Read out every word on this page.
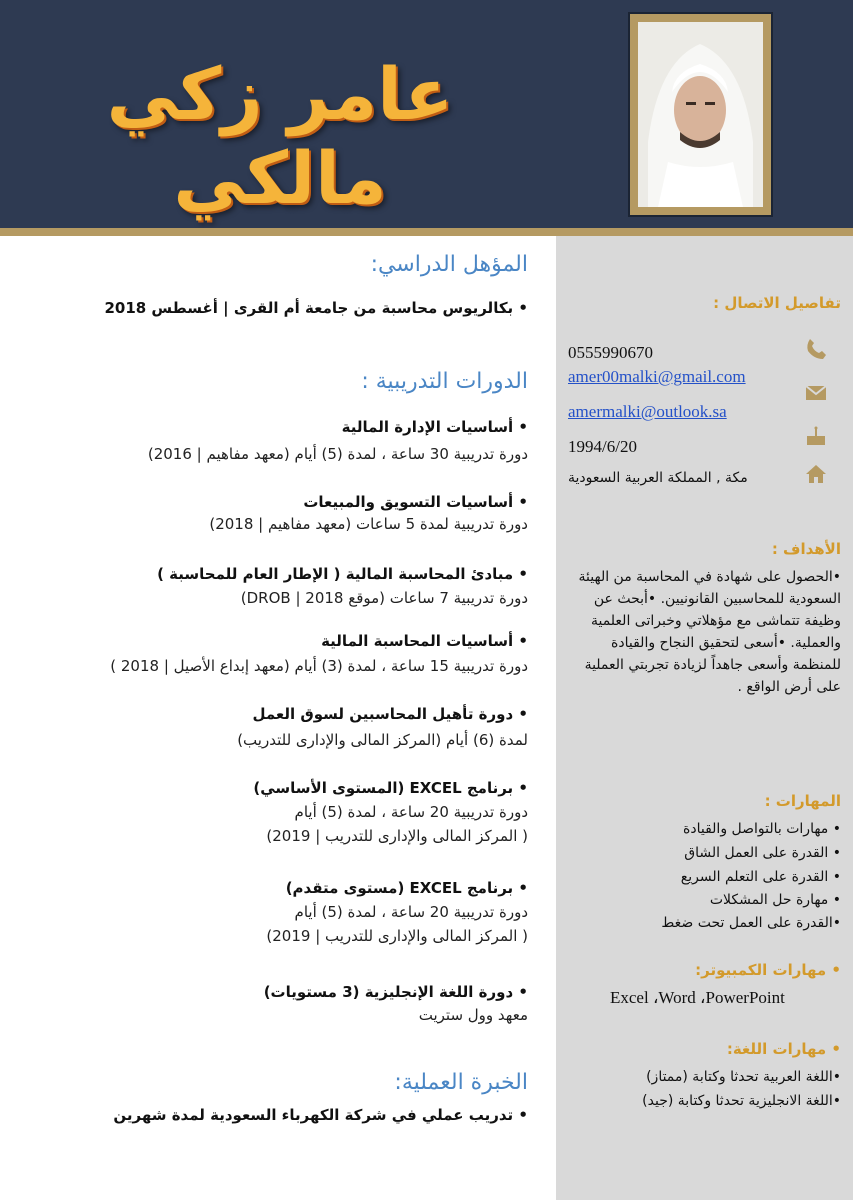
عامر زكي مالكي
المؤهل الدراسي:
• بكالريوس محاسبة من جامعة أم القرى | أغسطس 2018
الدورات التدريبية :
• أساسيات الإدارة المالية
دورة تدريبية 30 ساعة ، لمدة (5) أيام (معهد مفاهيم | 2016)
• أساسيات التسويق والمبيعات
دورة تدريبية لمدة 5 ساعات (معهد مفاهيم | 2018)
• مبادئ المحاسبة المالية ( الإطار العام للمحاسبة )
دورة تدريبية 7 ساعات (موقع DROB | 2018)
• أساسيات المحاسبة المالية
دورة تدريبية 15 ساعة ، لمدة (3) أيام (معهد إبداع الأصيل | 2018 )
• دورة تأهيل المحاسبين لسوق العمل
لمدة (6) أيام (المركز المالى والإدارى للتدريب)
• برنامج EXCEL (المستوى الأساسي)
دورة تدريبية 20 ساعة ، لمدة (5) أيام
( المركز المالى والإدارى للتدريب | 2019)
• برنامج EXCEL (مستوى متقدم)
دورة تدريبية 20 ساعة ، لمدة (5) أيام
( المركز المالى والإدارى للتدريب | 2019)
• دورة اللغة الإنجليزية (3 مستويات)
معهد وول ستريت
الخبرة العملية:
• تدريب عملي في شركة الكهرباء السعودية لمدة شهرين
تفاصيل الاتصال :
0555990670
amer00malki@gmail.com
amermalki@outlook.sa
1994/6/20
مكة , المملكة العربية السعودية
الأهداف :
•الحصول على شهادة في المحاسبة من الهيئة السعودية للمحاسبين القانونيين. •أبحث عن وظيفة تتماشى مع مؤهلاتي وخبراتى العلمية والعملية. •أسعى لتحقيق النجاح والقيادة للمنظمة وأسعى جاهداً لزيادة تجربتي العملية على أرض الواقع .
المهارات :
• مهارات بالتواصل والقيادة
• القدرة على العمل الشاق
• القدرة على التعلم السريع
• مهارة حل المشكلات
•القدرة على العمل تحت ضغط
• مهارات الكمبيوتر:
Excel ،Word ،PowerPoint
• مهارات اللغة:
•اللغة العربية تحدثا وكتابة (ممتاز)
•اللغة الانجليزية تحدثا وكتابة (جيد)
